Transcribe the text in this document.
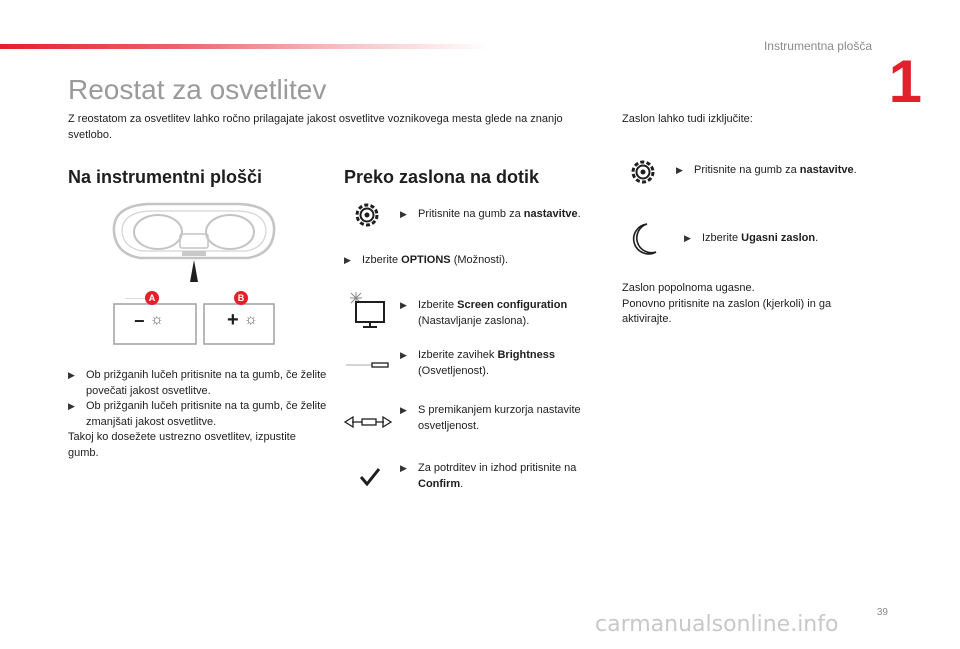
Instrumentna plošča
1
Reostat za osvetlitev
Z reostatom za osvetlitev lahko ročno prilagajate jakost osvetlitve voznikovega mesta glede na znanjo svetlobo.
Na instrumentni plošči
A	B
− ☼	+ ☼
▶	Ob prižganih lučeh pritisnite na ta gumb, če želite povečati jakost osvetlitve.
▶	Ob prižganih lučeh pritisnite na ta gumb, če želite zmanjšati jakost osvetlitve.
Takoj ko dosežete ustrezno osvetlitev, izpustite gumb.
Preko zaslona na dotik
▶	Pritisnite na gumb za nastavitve.
▶	Izberite OPTIONS (Možnosti).
▶	Izberite Screen configuration (Nastavljanje zaslona).
▶	Izberite zavihek Brightness (Osvetljenost).
▶	S premikanjem kurzorja nastavite osvetljenost.
▶	Za potrditev in izhod pritisnite na Confirm.
Zaslon lahko tudi izključite:
▶	Pritisnite na gumb za nastavitve.
▶	Izberite Ugasni zaslon.
Zaslon popolnoma ugasne.
Ponovno pritisnite na zaslon (kjerkoli) in ga aktivirajte.
39
carmanualsonline.info
